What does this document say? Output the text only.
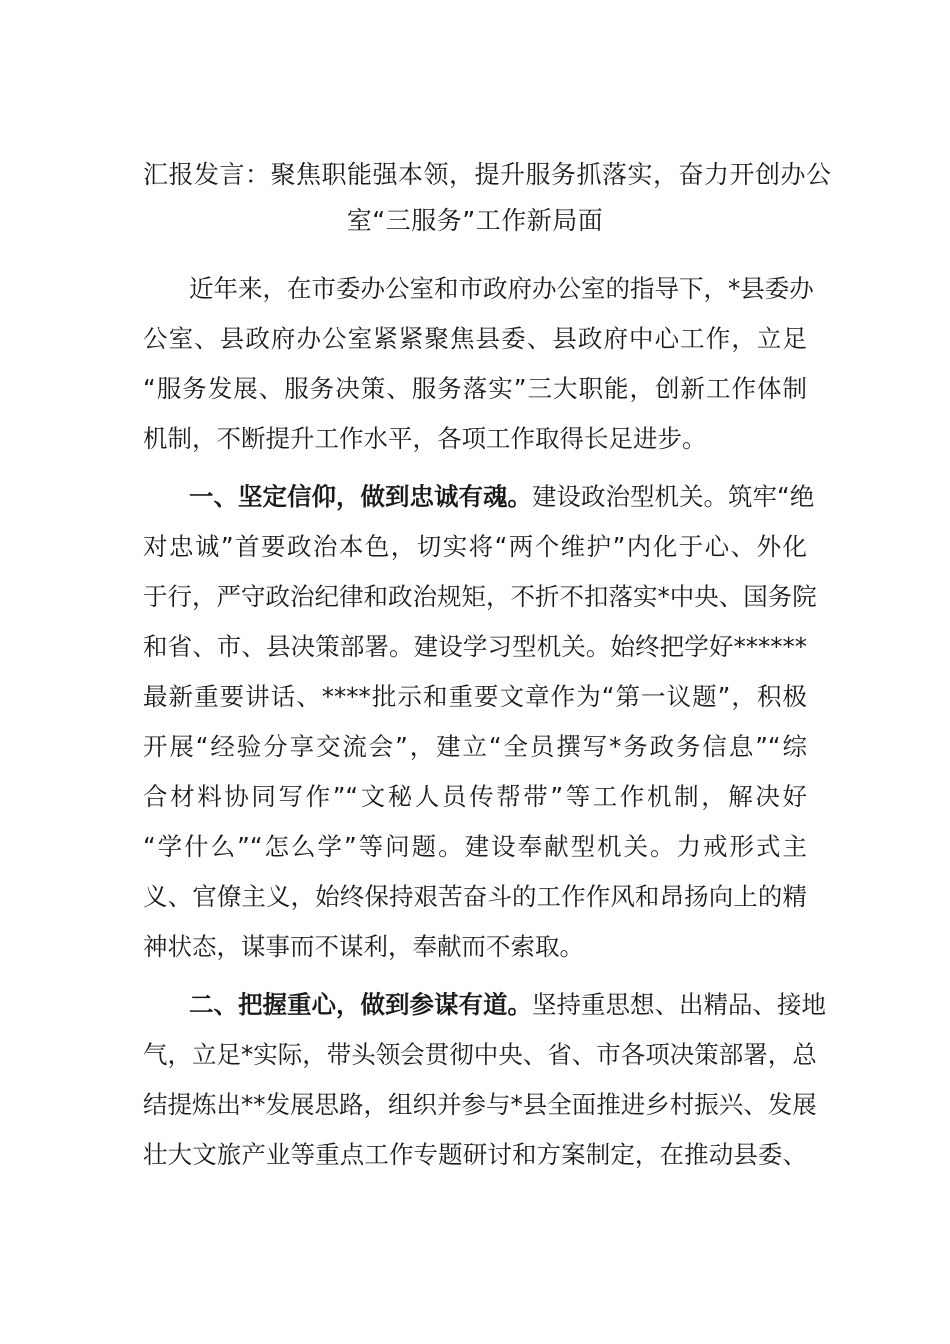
汇报发言：聚焦职能强本领，提升服务抓落实，奋力开创办公
室“三服务”工作新局面

近年来，在市委办公室和市政府办公室的指导下，*县委办
公室、县政府办公室紧紧聚焦县委、县政府中心工作，立足
“服务发展、服务决策、服务落实”三大职能，创新工作体制
机制，不断提升工作水平，各项工作取得长足进步。

一、坚定信仰，做到忠诚有魂。建设政治型机关。筑牢“绝
对忠诚”首要政治本色，切实将“两个维护”内化于心、外化
于行，严守政治纪律和政治规矩，不折不扣落实*中央、国务院
和省、市、县决策部署。建设学习型机关。始终把学好******
最新重要讲话、****批示和重要文章作为“第一议题”，积极
开展“经验分享交流会”，建立“全员撰写*务政务信息”“综
合材料协同写作”“文秘人员传帮带”等工作机制，解决好
“学什么”“怎么学”等问题。建设奉献型机关。力戒形式主
义、官僚主义，始终保持艰苦奋斗的工作作风和昂扬向上的精
神状态，谋事而不谋利，奉献而不索取。

二、把握重心，做到参谋有道。坚持重思想、出精品、接地
气，立足*实际，带头领会贯彻中央、省、市各项决策部署，总
结提炼出**发展思路，组织并参与*县全面推进乡村振兴、发展
壮大文旅产业等重点工作专题研讨和方案制定，在推动县委、
